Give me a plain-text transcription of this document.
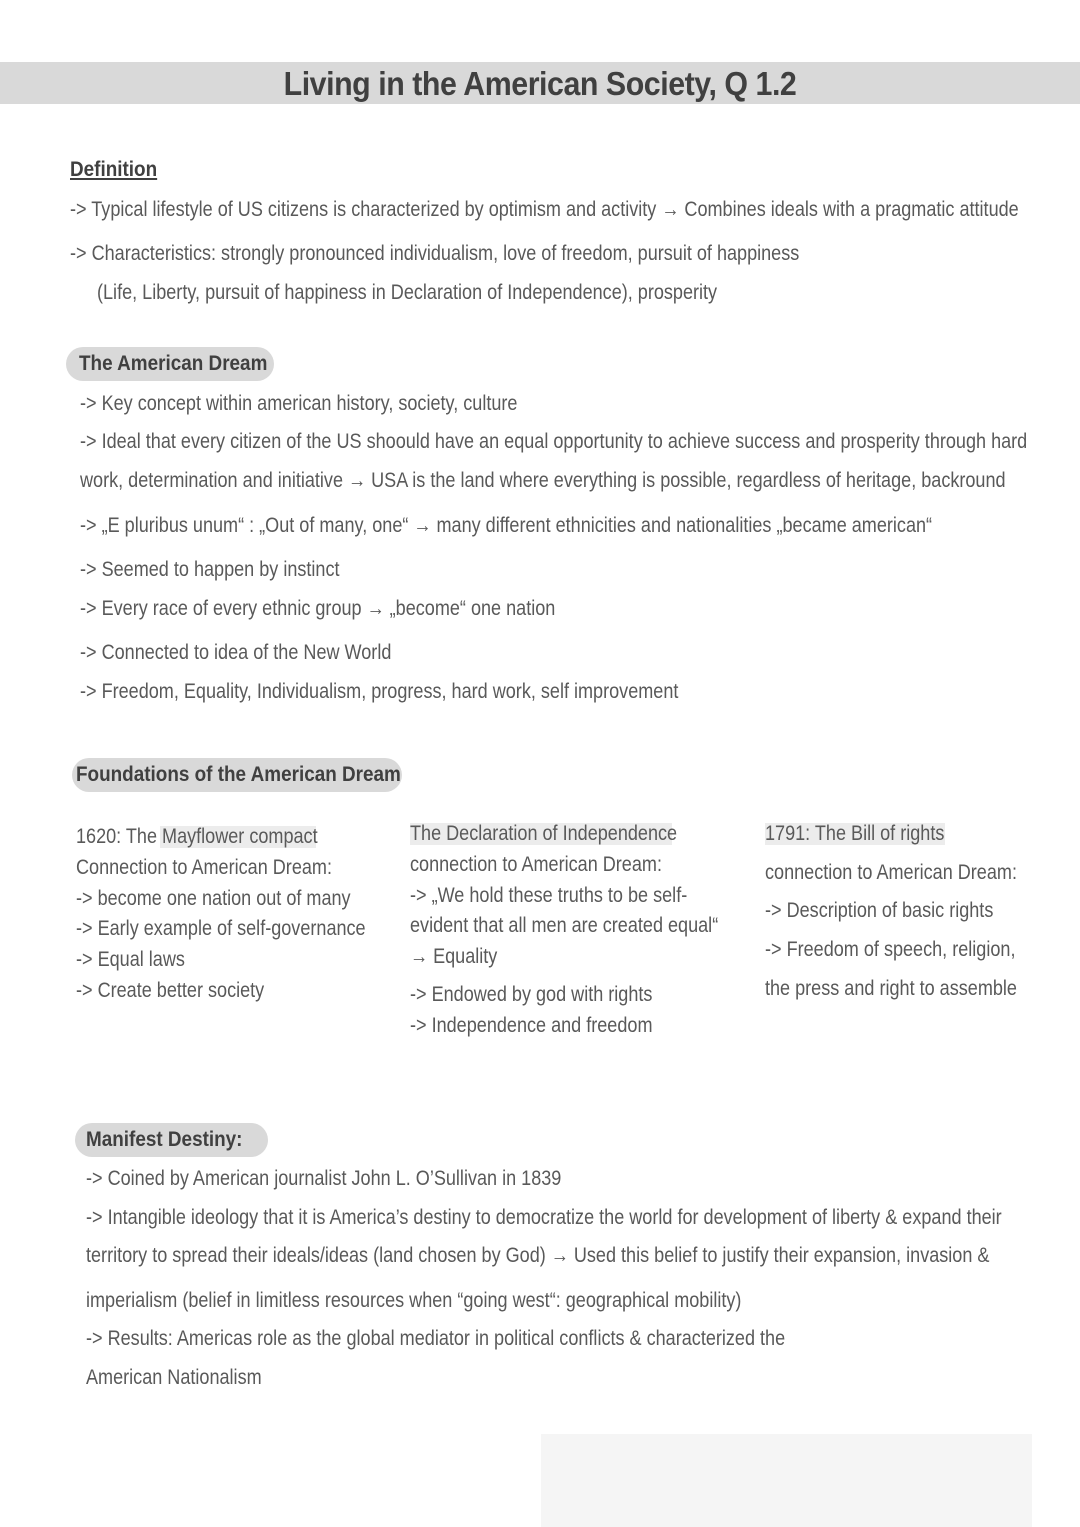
Living in the American Society, Q 1.2
Definition
-> Typical lifestyle of US citizens is characterized by optimism and activity → Combines ideals with a pragmatic attitude
-> Characteristics: strongly pronounced individualism, love of freedom, pursuit of happiness
(Life, Liberty, pursuit of happiness in Declaration of Independence), prosperity
The American Dream
-> Key concept within american history, society, culture
-> Ideal that every citizen of the US shoould have an equal opportunity to achieve success and prosperity through hard
work, determination and initiative → USA is the land where everything is possible, regardless of heritage, backround
-> „E pluribus unum“ : „Out of many, one“ → many different ethnicities and nationalities „became american“
-> Seemed to happen by instinct
-> Every race of every ethnic group → „become“ one nation
-> Connected to idea of the New World
-> Freedom, Equality, Individualism, progress, hard work, self improvement
Foundations of the American Dream
1620: The Mayflower compact
Connection to American Dream:
-> become one nation out of many
-> Early example of self-governance
-> Equal laws
-> Create better society
The Declaration of Independence
connection to American Dream:
-> „We hold these truths to be self-
evident that all men are created equal“
→ Equality
-> Endowed by god with rights
-> Independence and freedom
1791: The Bill of rights
connection to American Dream:
-> Description of basic rights
-> Freedom of speech, religion,
the press and right to assemble
Manifest Destiny:
-> Coined by American journalist John L. O’Sullivan in 1839
-> Intangible ideology that it is America’s destiny to democratize the world for development of liberty & expand their
territory to spread their ideals/ideas (land chosen by God) → Used this belief to justify their expansion, invasion &
imperialism (belief in limitless resources when “going west“: geographical mobility)
-> Results: Americas role as the global mediator in political conflicts & characterized the
American Nationalism
